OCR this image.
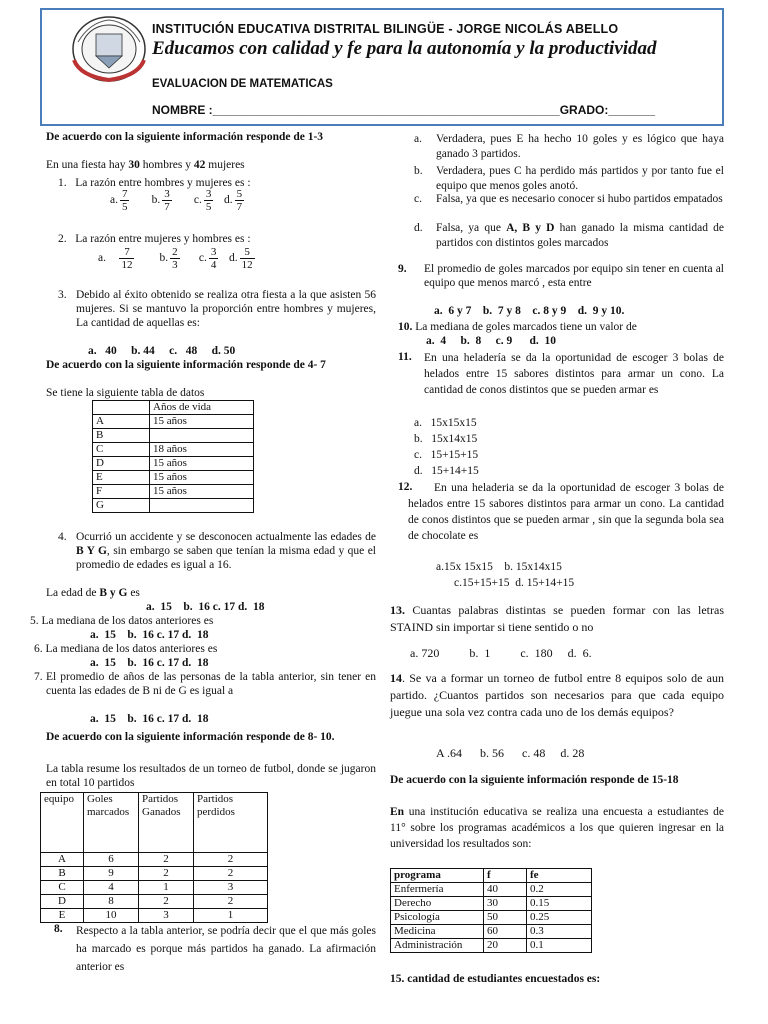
INSTITUCIÓN EDUCATIVA DISTRITAL BILINGÜE - JORGE NICOLÁS ABELLO
Educamos con calidad y fe para la autonomía y la productividad
EVALUACION DE MATEMATICAS
NOMBRE :____________________________________________________GRADO:_______
De acuerdo con la siguiente información responde de 1-3
En una fiesta hay 30 hombres y 42 mujeres
1. La razón entre hombres y mujeres es :
a. $\frac{7}{5} b$. $\frac{3}{7} c$. $\frac{3}{5} d$. $\frac{5}{7}$
2. La razón entre mujeres y hombres es :
a. $\frac{7}{12} b$. $\frac{2}{3} c$. $\frac{3}{4} d$. $\frac{5}{12}$
3. Debido al éxito obtenido se realiza otra fiesta a la que asisten 56 mujeres. Si se mantuvo la proporción entre hombres y mujeres, La cantidad de aquellas es:
a.   40     b. 44     c.   48     d. 50
De acuerdo con la siguiente información responde de 4- 7
Se tiene la siguiente tabla de datos
	Años de vida
A	15 años
B	
C	18 años
D	15 años
E	15 años
F	15 años
G	
4. Ocurrió un accidente y se desconocen actualmente las edades de B Y G, sin embargo se saben que tenían la misma edad y que el promedio de edades es igual a 16.
La edad de B y G es
a.  15    b.  16 c. 17 d.  18
5. La mediana de los datos anteriores es
a.  15    b.  16 c. 17 d.  18
6. La mediana de los datos anteriores es
a.  15    b.  16 c. 17 d.  18
7. El promedio de años de las personas de la tabla anterior, sin tener en cuenta las edades de B ni de G es igual a
a.  15    b.  16 c. 17 d.  18
De acuerdo con la siguiente información responde de 8- 10.
La tabla resume los resultados de un torneo de futbol, donde se jugaron en total 10 partidos
equipo	Goles marcados	Partidos Ganados	Partidos perdidos
A	6	2	2
B	9	2	2
C	4	1	3
D	8	2	2
E	10	3	1
8.	Respecto a la tabla anterior, se podría decir que el que más goles ha marcado es porque más partidos ha ganado. La afirmación anterior es
a.	Verdadera, pues E ha hecho 10 goles y es lógico que haya ganado 3 partidos.
b.	Verdadera, pues C ha perdido más partidos y por tanto fue el equipo que menos goles anotó.
c.	Falsa, ya que es necesario conocer si hubo partidos empatados
d.	Falsa, ya que A, B y D han ganado la misma cantidad de partidos con distintos goles marcados
9.	El promedio de goles marcados por equipo sin tener en cuenta al equipo que menos marcó , esta entre
a.  6 y 7    b.  7 y 8    c. 8 y 9    d.  9 y 10.
10. La mediana de goles marcados tiene un valor de
a.  4     b.  8     c. 9      d.  10
11.	En una heladería se da la oportunidad de escoger 3 bolas de helados entre 15 sabores distintos para armar un cono. La cantidad de conos distintos que se pueden armar es
a. 15x15x15
b. 15x14x15
c. 15+15+15
d. 15+14+15
12.	En una heladeria se da la oportunidad de escoger 3 bolas de helados entre 15 sabores distintos para armar un cono. La cantidad de conos distintos que se pueden armar , sin que la segunda bola sea de chocolate es
a.15x 15x15    b. 15x14x15
c.15+15+15  d. 15+14+15
13. Cuantas palabras distintas se pueden formar con las letras STAIND sin importar si tiene sentido o no
a. 720          b.  1          c.  180     d.  6.
14. Se va a formar un torneo de futbol entre 8 equipos solo de aun partido. ¿Cuantos partidos son necesarios para que cada equipo juegue una sola vez contra cada uno de los demás equipos?
A .64      b. 56      c. 48     d. 28
De acuerdo con la siguiente información responde de 15-18
En una institución educativa se realiza una encuesta a estudiantes de 11° sobre los programas académicos a los que quieren ingresar en la universidad los resultados son:
programa	f	fe
Enfermería	40	0.2
Derecho	30	0.15
Psicología	50	0.25
Medicina	60	0.3
Administración	20	0.1
15. cantidad de estudiantes encuestados es:
